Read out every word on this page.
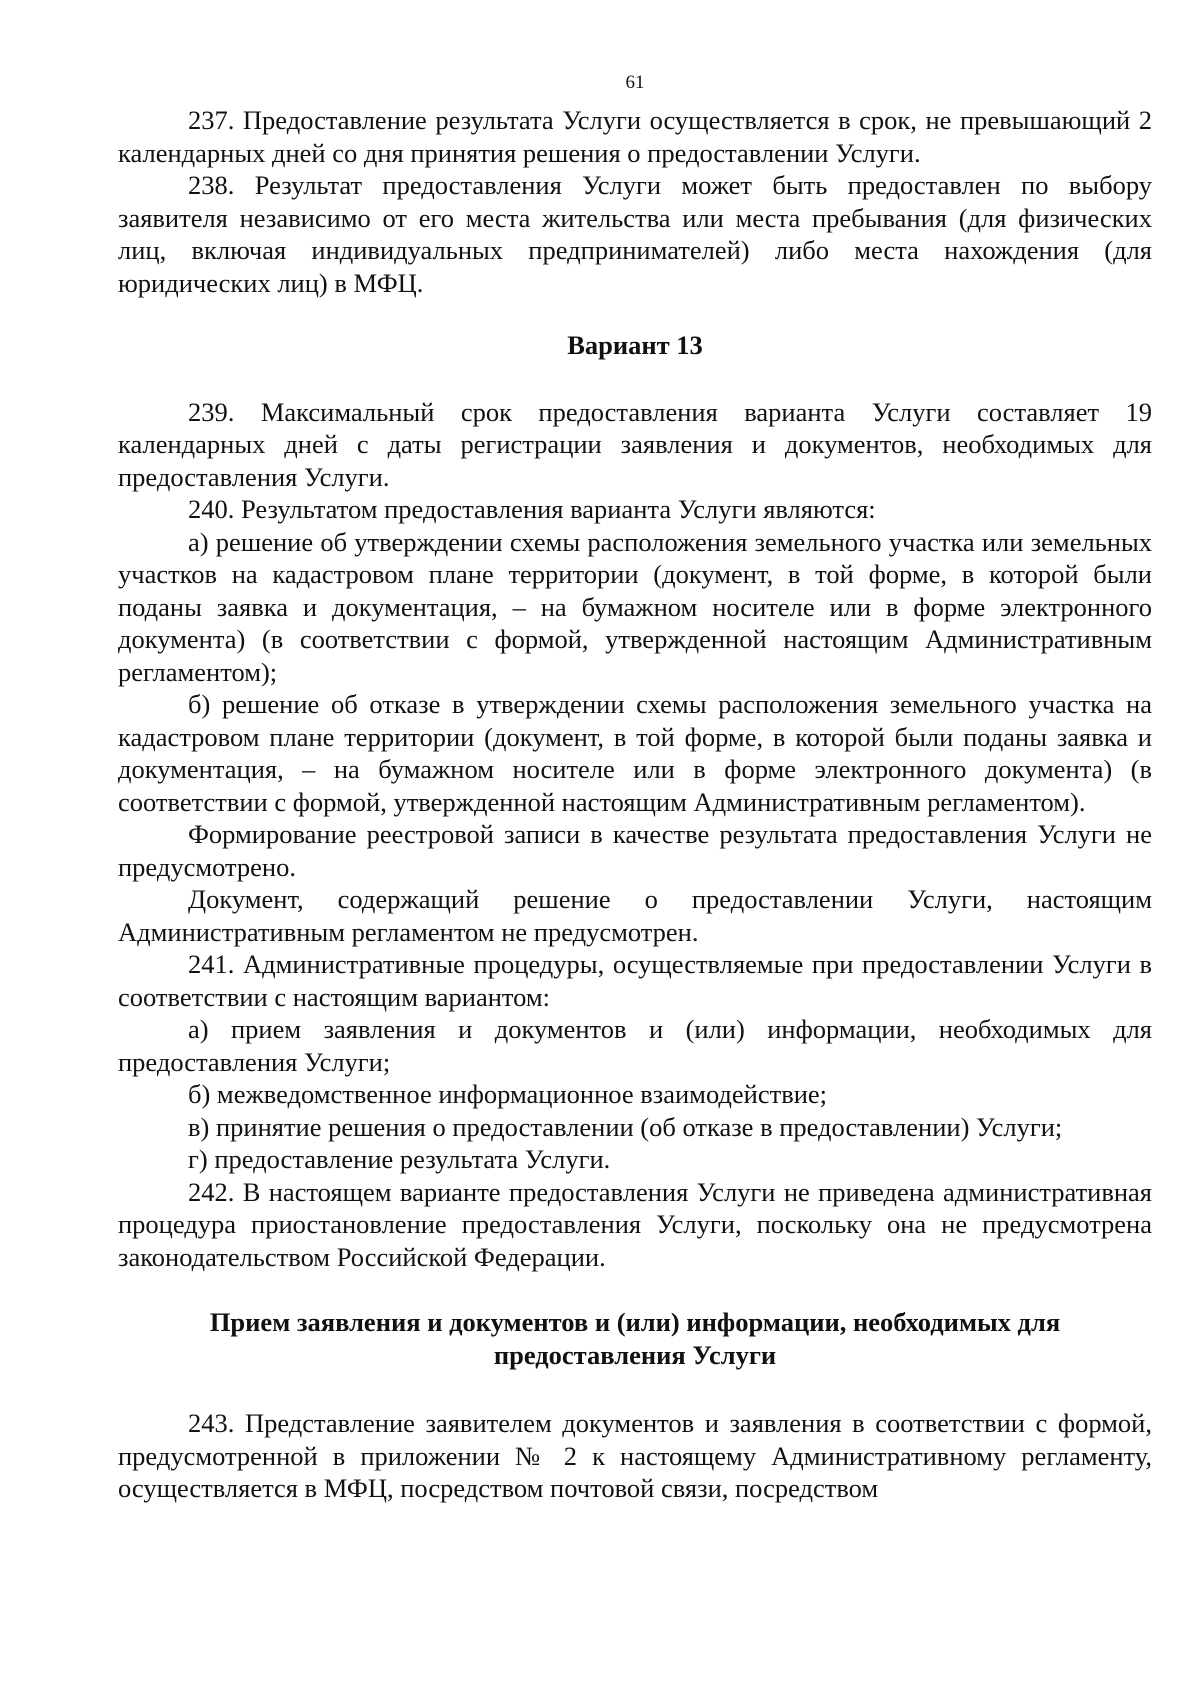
61

237. Предоставление результата Услуги осуществляется в срок, не превышающий 2 календарных дней со дня принятия решения о предоставлении Услуги.

238. Результат предоставления Услуги может быть предоставлен по выбору заявителя независимо от его места жительства или места пребывания (для физических лиц, включая индивидуальных предпринимателей) либо места нахождения (для юридических лиц) в МФЦ.

Вариант 13

239. Максимальный срок предоставления варианта Услуги составляет 19 календарных дней с даты регистрации заявления и документов, необходимых для предоставления Услуги.

240. Результатом предоставления варианта Услуги являются:

а) решение об утверждении схемы расположения земельного участка или земельных участков на кадастровом плане территории (документ, в той форме, в которой были поданы заявка и документация, – на бумажном носителе или в форме электронного документа) (в соответствии с формой, утвержденной настоящим Административным регламентом);

б) решение об отказе в утверждении схемы расположения земельного участка на кадастровом плане территории (документ, в той форме, в которой были поданы заявка и документация, – на бумажном носителе или в форме электронного документа) (в соответствии с формой, утвержденной настоящим Административным регламентом).

Формирование реестровой записи в качестве результата предоставления Услуги не предусмотрено.

Документ, содержащий решение о предоставлении Услуги, настоящим Административным регламентом не предусмотрен.

241. Административные процедуры, осуществляемые при предоставлении Услуги в соответствии с настоящим вариантом:

а) прием заявления и документов и (или) информации, необходимых для предоставления Услуги;

б) межведомственное информационное взаимодействие;

в) принятие решения о предоставлении (об отказе в предоставлении) Услуги;

г) предоставление результата Услуги.

242. В настоящем варианте предоставления Услуги не приведена административная процедура приостановление предоставления Услуги, поскольку она не предусмотрена законодательством Российской Федерации.

Прием заявления и документов и (или) информации, необходимых для предоставления Услуги

243. Представление заявителем документов и заявления в соответствии с формой, предусмотренной в приложении № 2 к настоящему Административному регламенту, осуществляется в МФЦ, посредством почтовой связи, посредством
